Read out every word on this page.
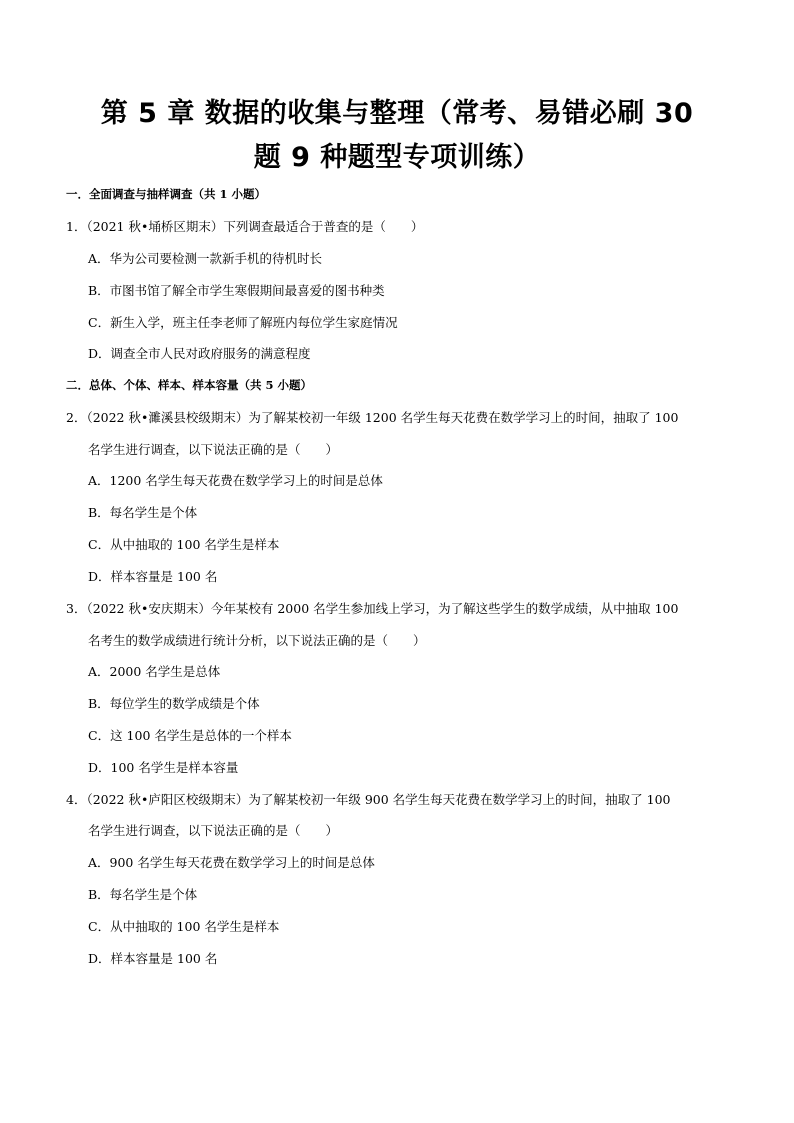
第 5 章 数据的收集与整理（常考、易错必刷 30
题 9 种题型专项训练）
一．全面调查与抽样调查（共 1 小题）
1．（2021 秋•埇桥区期末）下列调查最适合于普查的是（　　）
A．华为公司要检测一款新手机的待机时长
B．市图书馆了解全市学生寒假期间最喜爱的图书种类
C．新生入学，班主任李老师了解班内每位学生家庭情况
D．调查全市人民对政府服务的满意程度
二．总体、个体、样本、样本容量（共 5 小题）
2．（2022 秋•濉溪县校级期末）为了解某校初一年级 1200 名学生每天花费在数学学习上的时间，抽取了 100
名学生进行调查，以下说法正确的是（　　）
A．1200 名学生每天花费在数学学习上的时间是总体
B．每名学生是个体
C．从中抽取的 100 名学生是样本
D．样本容量是 100 名
3．（2022 秋•安庆期末）今年某校有 2000 名学生参加线上学习，为了解这些学生的数学成绩，从中抽取 100
名考生的数学成绩进行统计分析，以下说法正确的是（　　）
A．2000 名学生是总体
B．每位学生的数学成绩是个体
C．这 100 名学生是总体的一个样本
D．100 名学生是样本容量
4．（2022 秋•庐阳区校级期末）为了解某校初一年级 900 名学生每天花费在数学学习上的时间，抽取了 100
名学生进行调查，以下说法正确的是（　　）
A．900 名学生每天花费在数学学习上的时间是总体
B．每名学生是个体
C．从中抽取的 100 名学生是样本
D．样本容量是 100 名
